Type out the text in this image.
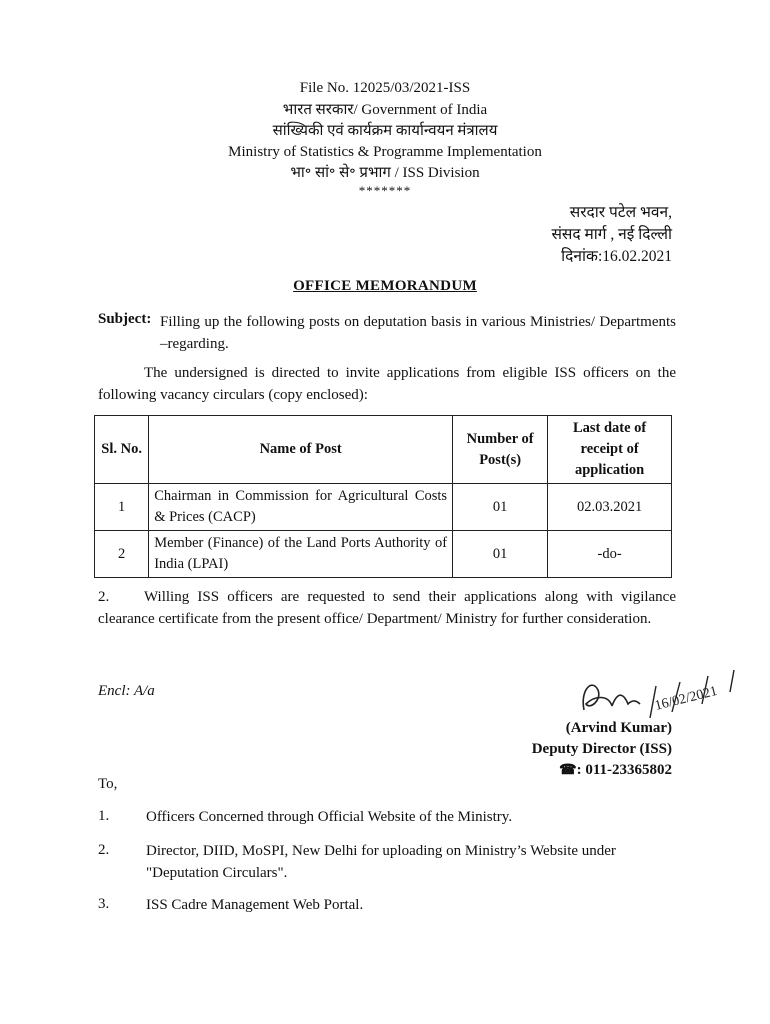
File No. 12025/03/2021-ISS
भारत सरकार/ Government of India
सांख्यिकी एवं कार्यक्रम कार्यान्वयन मंत्रालय
Ministry of Statistics & Programme Implementation
भा॰ सां॰ से॰ प्रभाग / ISS Division
*******
सरदार पटेल भवन,
संसद मार्ग , नई दिल्ली
दिनांक:16.02.2021
OFFICE MEMORANDUM
Subject: Filling up the following posts on deputation basis in various Ministries/ Departments –regarding.
The undersigned is directed to invite applications from eligible ISS officers on the following vacancy circulars (copy enclosed):
Sl. No.	Name of Post	Number of Post(s)	Last date of receipt of application
1	Chairman in Commission for Agricultural Costs & Prices (CACP)	01	02.03.2021
2	Member (Finance) of the Land Ports Authority of India (LPAI)	01	-do-
2. Willing ISS officers are requested to send their applications along with vigilance clearance certificate from the present office/ Department/ Ministry for further consideration.
Encl: A/a	16/02/2021
(Arvind Kumar)
Deputy Director (ISS)
☎: 011-23365802
To,
1. Officers Concerned through Official Website of the Ministry.
2. Director, DIID, MoSPI, New Delhi for uploading on Ministry’s Website under "Deputation Circulars".
3. ISS Cadre Management Web Portal.
